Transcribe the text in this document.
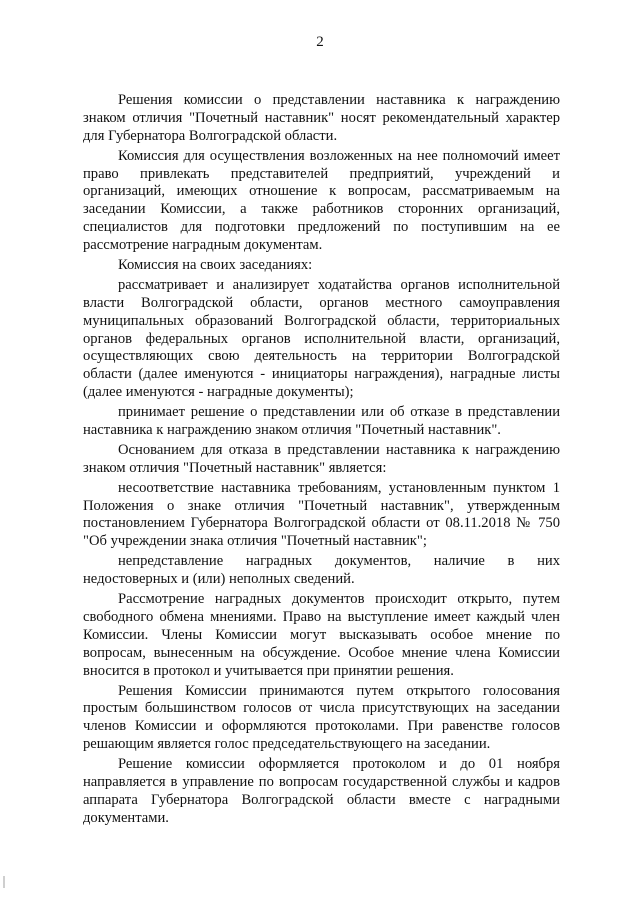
2
Решения комиссии о представлении наставника к награждению
знаком отличия "Почетный наставник" носят рекомендательный характер
для Губернатора Волгоградской области.
Комиссия для осуществления возложенных на нее полномочий имеет
право привлекать представителей предприятий, учреждений и
организаций, имеющих отношение к вопросам, рассматриваемым на
заседании Комиссии, а также работников сторонних организаций,
специалистов для подготовки предложений по поступившим на ее
рассмотрение наградным документам.
Комиссия на своих заседаниях:
рассматривает и анализирует ходатайства органов исполнительной
власти Волгоградской области, органов местного самоуправления
муниципальных образований Волгоградской области, территориальных
органов федеральных органов исполнительной власти, организаций,
осуществляющих свою деятельность на территории Волгоградской
области (далее именуются - инициаторы награждения), наградные листы
(далее именуются - наградные документы);
принимает решение о представлении или об отказе в представлении
наставника к награждению знаком отличия "Почетный наставник".
Основанием для отказа в представлении наставника к награждению
знаком отличия "Почетный наставник" является:
несоответствие наставника требованиям, установленным пунктом 1
Положения о знаке отличия "Почетный наставник", утвержденным
постановлением Губернатора Волгоградской области от 08.11.2018 № 750
"Об учреждении знака отличия "Почетный наставник";
непредставление наградных документов, наличие в них
недостоверных и (или) неполных сведений.
Рассмотрение наградных документов происходит открыто, путем
свободного обмена мнениями. Право на выступление имеет каждый член
Комиссии. Члены Комиссии могут высказывать особое мнение по
вопросам, вынесенным на обсуждение. Особое мнение члена Комиссии
вносится в протокол и учитывается при принятии решения.
Решения Комиссии принимаются путем открытого голосования
простым большинством голосов от числа присутствующих на заседании
членов Комиссии и оформляются протоколами. При равенстве голосов
решающим является голос председательствующего на заседании.
Решение комиссии оформляется протоколом и до 01 ноября
направляется в управление по вопросам государственной службы и кадров
аппарата Губернатора Волгоградской области вместе с наградными
документами.
